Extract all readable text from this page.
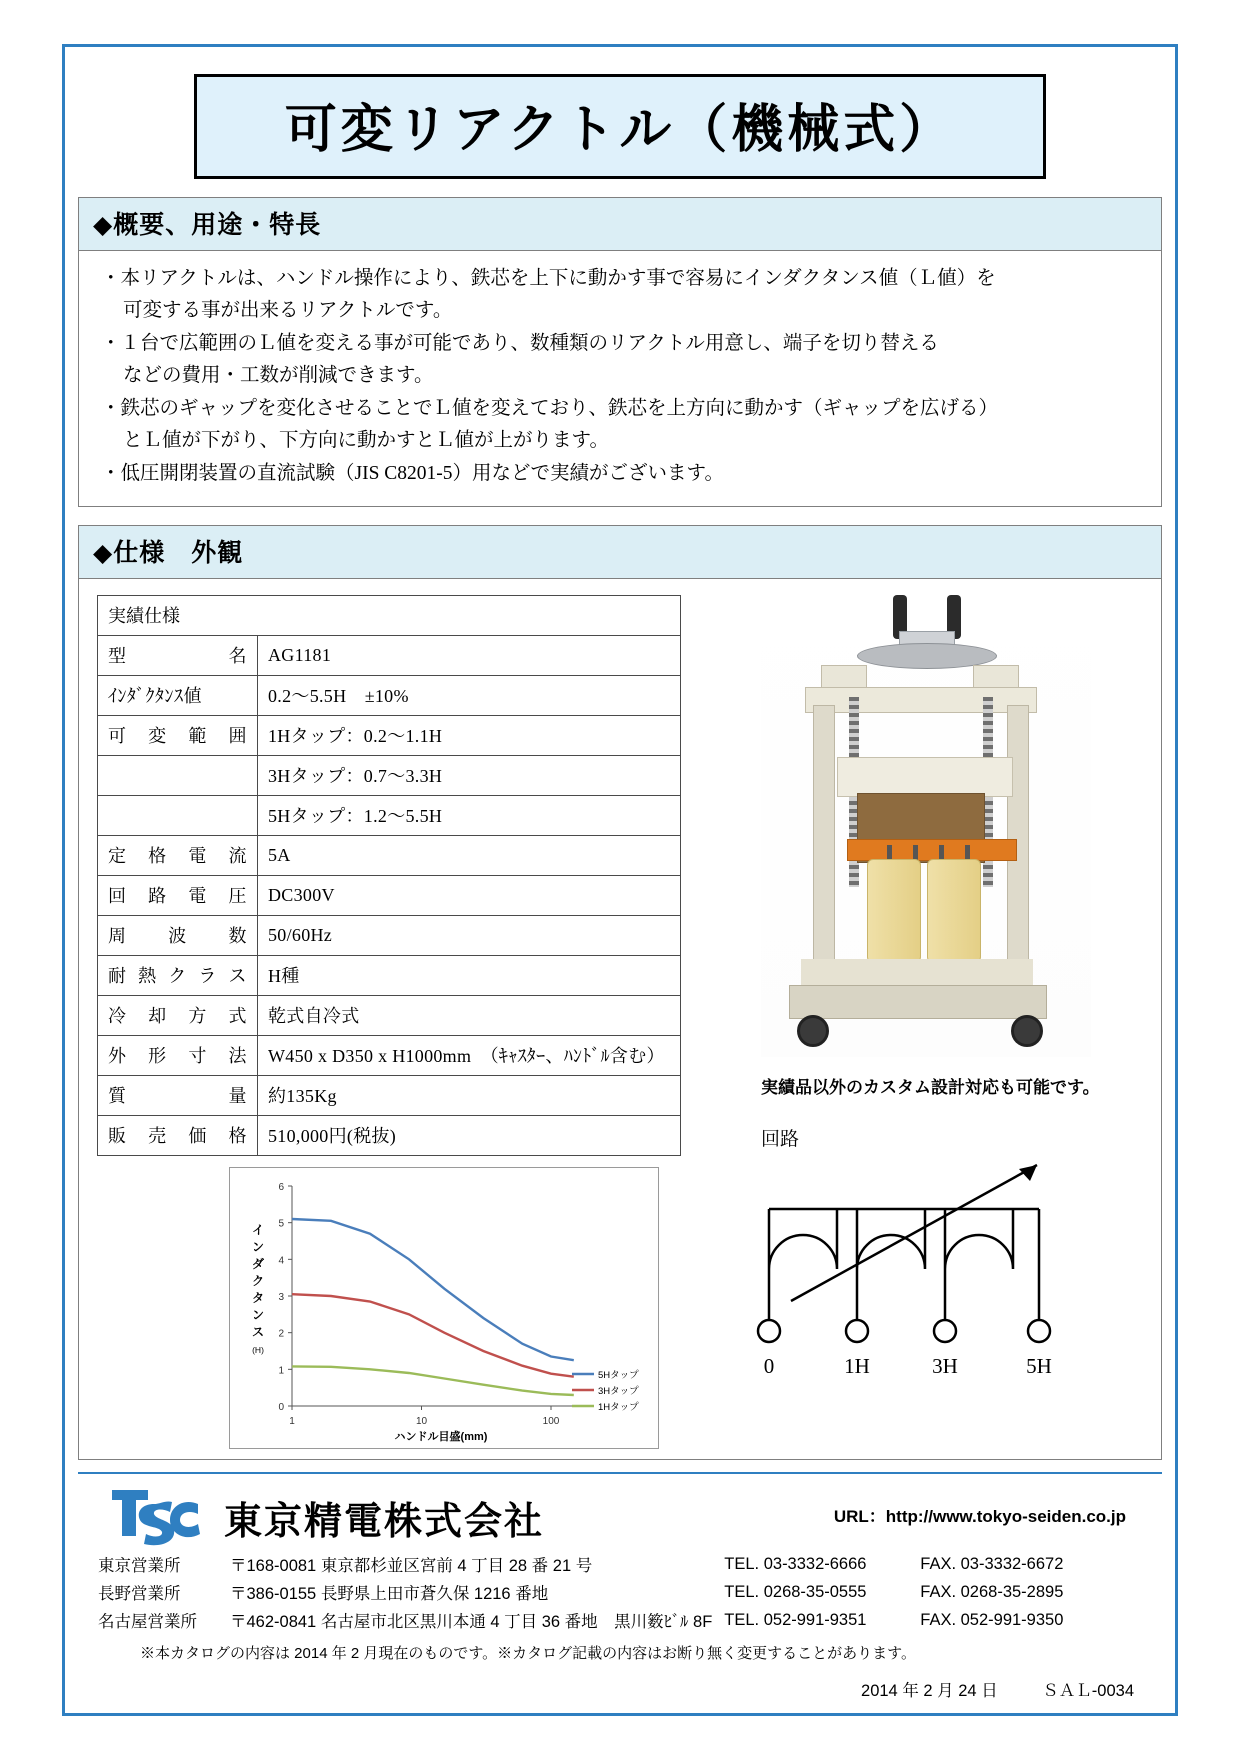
可変リアクトル（機械式）
◆概要、用途・特長

・本リアクトルは、ハンドル操作により、鉄芯を上下に動かす事で容易にインダクタンス値（Ｌ値）を
可変する事が出来るリアクトルです。

・１台で広範囲のＬ値を変える事が可能であり、数種類のリアクトル用意し、端子を切り替える
などの費用・工数が削減できます。

・鉄芯のギャップを変化させることでＬ値を変えており、鉄芯を上方向に動かす（ギャップを広げる）
とＬ値が下がり、下方向に動かすとＬ値が上がります。

・低圧開閉装置の直流試験（JIS C8201-5）用などで実績がございます。

◆仕様　外観
実績仕様	
型　　　　名	AG1181
ｲﾝﾀﾞｸﾀﾝｽ値	0.2〜5.5H　±10%
可　変　範　囲	1Hタップ：0.2〜1.1H
	3Hタップ：0.7〜3.3H
	5Hタップ：1.2〜5.5H
定　格　電　流	5A
回　路　電　圧	DC300V
周　波　数	50/60Hz
耐 熱 ク ラ ス	H種
冷　却　方　式	乾式自冷式
外　形　寸　法	W450 x D350 x H1000mm　（ｷｬｽﾀｰ、ﾊﾝﾄﾞﾙ含む）
質　　　　量	約135Kg
販　売　価　格	510,000円(税抜)
実績品以外のカスタム設計対応も可能です。
回路
0	1H	3H	5H
0
1
2
3
4
5
6
1	10	100
5Hタップ
3Hタップ
1Hタップ
ハンドル目盛(mm)
イ
ン
ダ
ク
タ
ン
ス
(H)
東京精電株式会社	URL：http://www.tokyo-seiden.co.jp
東京営業所	〒168-0081 東京都杉並区宮前 4 丁目 28 番 21 号	TEL. 03-3332-6666	FAX. 03-3332-6672
長野営業所	〒386-0155 長野県上田市蒼久保 1216 番地	TEL. 0268-35-0555	FAX. 0268-35-2895
名古屋営業所	〒462-0841 名古屋市北区黒川本通 4 丁目 36 番地　黒川䉤ﾋﾞﾙ 8F	TEL. 052-991-9351	FAX. 052-991-9350
※本カタログの内容は 2014 年 2 月現在のものです。※カタログ記載の内容はお断り無く変更することがあります。
2014 年 2 月 24 日	ＳＡＬ-0034
